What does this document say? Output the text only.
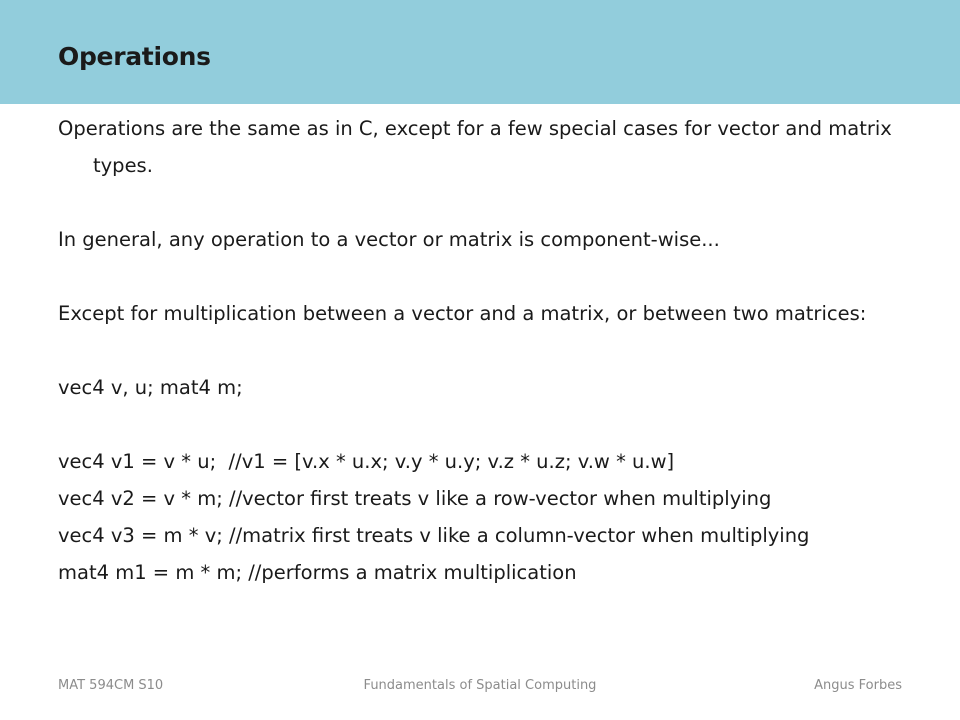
Operations

Operations are the same as in C, except for a few special cases for vector and matrix types.

In general, any operation to a vector or matrix is component-wise...

Except for multiplication between a vector and a matrix, or between two matrices:

vec4 v, u; mat4 m;

vec4 v1 = v * u;  //v1 = [v.x * u.x; v.y * u.y; v.z * u.z; v.w * u.w]

vec4 v2 = v * m; //vector first treats v like a row-vector when multiplying

vec4 v3 = m * v; //matrix first treats v like a column-vector when multiplying

mat4 m1 = m * m; //performs a matrix multiplication

MAT 594CM S10	Fundamentals of Spatial Computing	Angus Forbes
